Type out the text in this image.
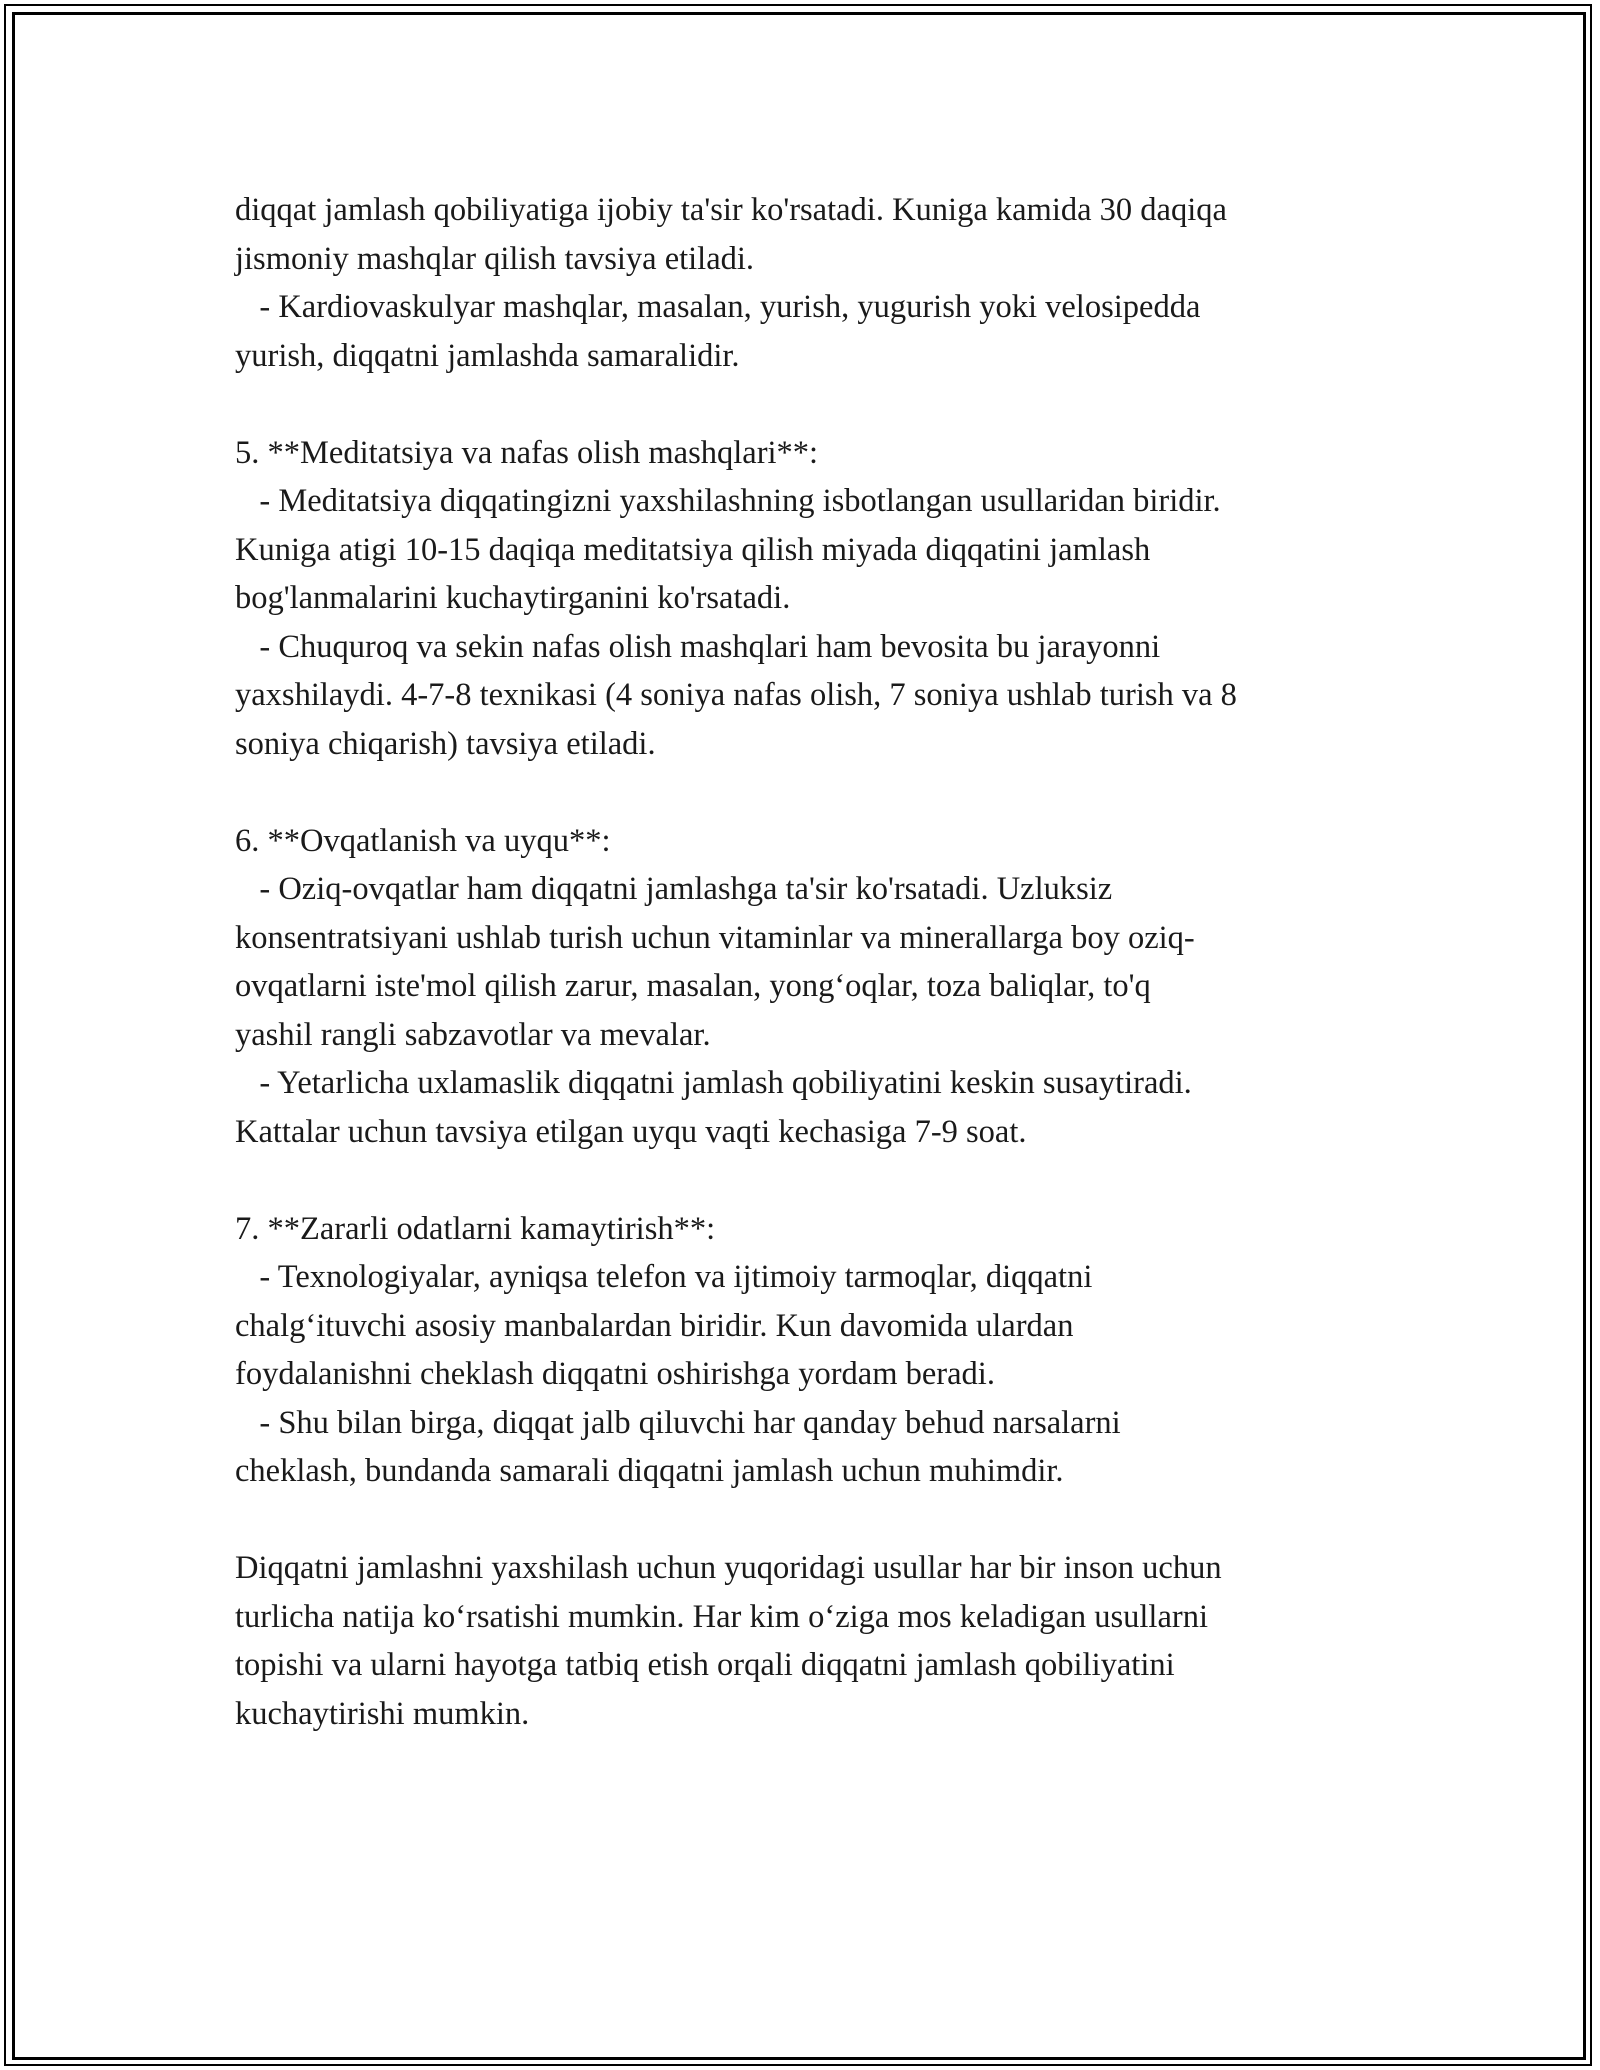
diqqat jamlash qobiliyatiga ijobiy ta'sir ko'rsatadi. Kuniga kamida 30 daqiqa
jismoniy mashqlar qilish tavsiya etiladi.
- Kardiovaskulyar mashqlar, masalan, yurish, yugurish yoki velosipedda
yurish, diqqatni jamlashda samaralidir.
5. **Meditatsiya va nafas olish mashqlari**:
- Meditatsiya diqqatingizni yaxshilashning isbotlangan usullaridan biridir.
Kuniga atigi 10-15 daqiqa meditatsiya qilish miyada diqqatini jamlash
bog'lanmalarini kuchaytirganini ko'rsatadi.
- Chuquroq va sekin nafas olish mashqlari ham bevosita bu jarayonni
yaxshilaydi. 4-7-8 texnikasi (4 soniya nafas olish, 7 soniya ushlab turish va 8
soniya chiqarish) tavsiya etiladi.
6. **Ovqatlanish va uyqu**:
- Oziq-ovqatlar ham diqqatni jamlashga ta'sir ko'rsatadi. Uzluksiz
konsentratsiyani ushlab turish uchun vitaminlar va minerallarga boy oziq-
ovqatlarni iste'mol qilish zarur, masalan, yong‘oqlar, toza baliqlar, to'q
yashil rangli sabzavotlar va mevalar.
- Yetarlicha uxlamaslik diqqatni jamlash qobiliyatini keskin susaytiradi.
Kattalar uchun tavsiya etilgan uyqu vaqti kechasiga 7-9 soat.
7. **Zararli odatlarni kamaytirish**:
- Texnologiyalar, ayniqsa telefon va ijtimoiy tarmoqlar, diqqatni
chalg‘ituvchi asosiy manbalardan biridir. Kun davomida ulardan
foydalanishni cheklash diqqatni oshirishga yordam beradi.
- Shu bilan birga, diqqat jalb qiluvchi har qanday behud narsalarni
cheklash, bundanda samarali diqqatni jamlash uchun muhimdir.
Diqqatni jamlashni yaxshilash uchun yuqoridagi usullar har bir inson uchun
turlicha natija ko‘rsatishi mumkin. Har kim o‘ziga mos keladigan usullarni
topishi va ularni hayotga tatbiq etish orqali diqqatni jamlash qobiliyatini
kuchaytirishi mumkin.
